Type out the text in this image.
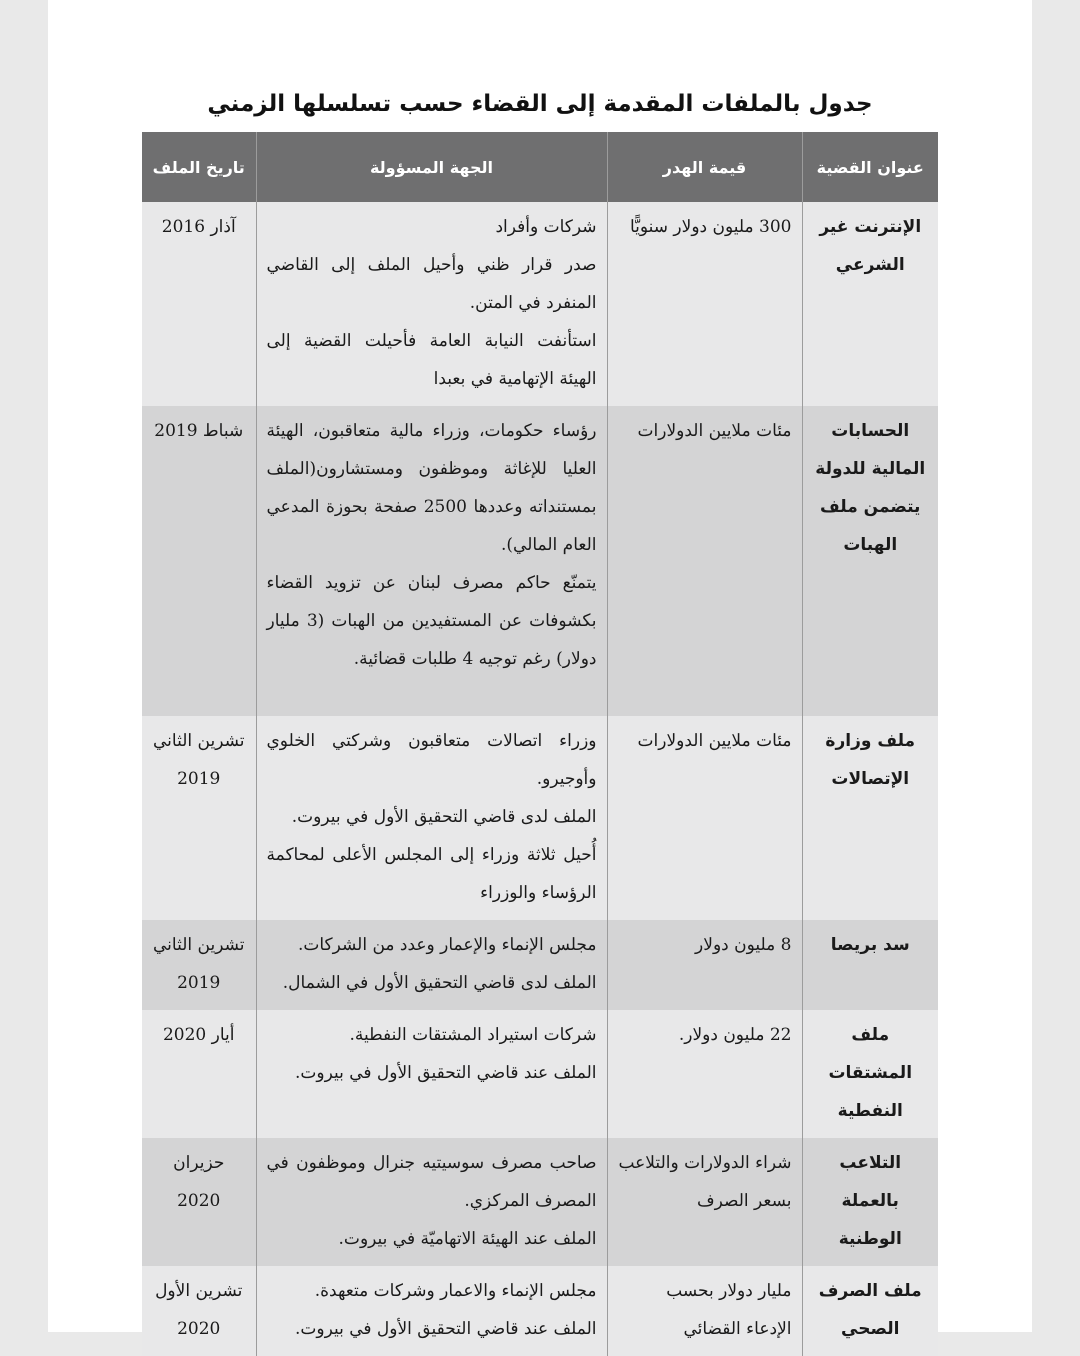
جدول بالملفات المقدمة إلى القضاء حسب تسلسلها الزمني
عنوان القضية	قيمة الهدر	الجهة المسؤولة	تاريخ الملف
الإنترنت غير الشرعي	300 مليون دولار سنويًّا	شركات وأفراد
صدر قرار ظني وأحيل الملف إلى القاضي المنفرد في المتن.
استأنفت النيابة العامة فأحيلت القضية إلى الهيئة الإتهامية في بعبدا	آذار 2016
الحسابات المالية للدولة يتضمن ملف الهبات	مئات ملايين الدولارات	رؤساء حكومات، وزراء مالية متعاقبون، الهيئة العليا للإغاثة وموظفون ومستشارون(الملف بمستنداته وعددها 2500 صفحة بحوزة المدعي العام المالي).
يتمنّع حاكم مصرف لبنان عن تزويد القضاء بكشوفات عن المستفيدين من الهبات (3 مليار دولار) رغم توجيه 4 طلبات قضائية.	شباط 2019
ملف وزارة الإتصالات	مئات ملايين الدولارات	وزراء اتصالات متعاقبون وشركتي الخلوي وأوجيرو.
الملف لدى قاضي التحقيق الأول في بيروت.
أُحيل ثلاثة وزراء إلى المجلس الأعلى لمحاكمة الرؤساء والوزراء	تشرين الثاني 2019
سد بريصا	8 مليون دولار	مجلس الإنماء والإعمار وعدد من الشركات.
الملف لدى قاضي التحقيق الأول في الشمال.	تشرين الثاني 2019
ملف المشتقات النفطية	22 مليون دولار.	شركات استيراد المشتقات النفطية.
الملف عند قاضي التحقيق الأول في بيروت.	أيار 2020
التلاعب بالعملة الوطنية	شراء الدولارات والتلاعب بسعر الصرف	صاحب مصرف سوسيتيه جنرال وموظفون في المصرف المركزي.
الملف عند الهيئة الاتهاميّة في بيروت.	حزيران 2020
ملف الصرف الصحي	مليار دولار بحسب الإدعاء القضائي	مجلس الإنماء والاعمار وشركات متعهدة.
الملف عند قاضي التحقيق الأول في بيروت.	تشرين الأول 2020
